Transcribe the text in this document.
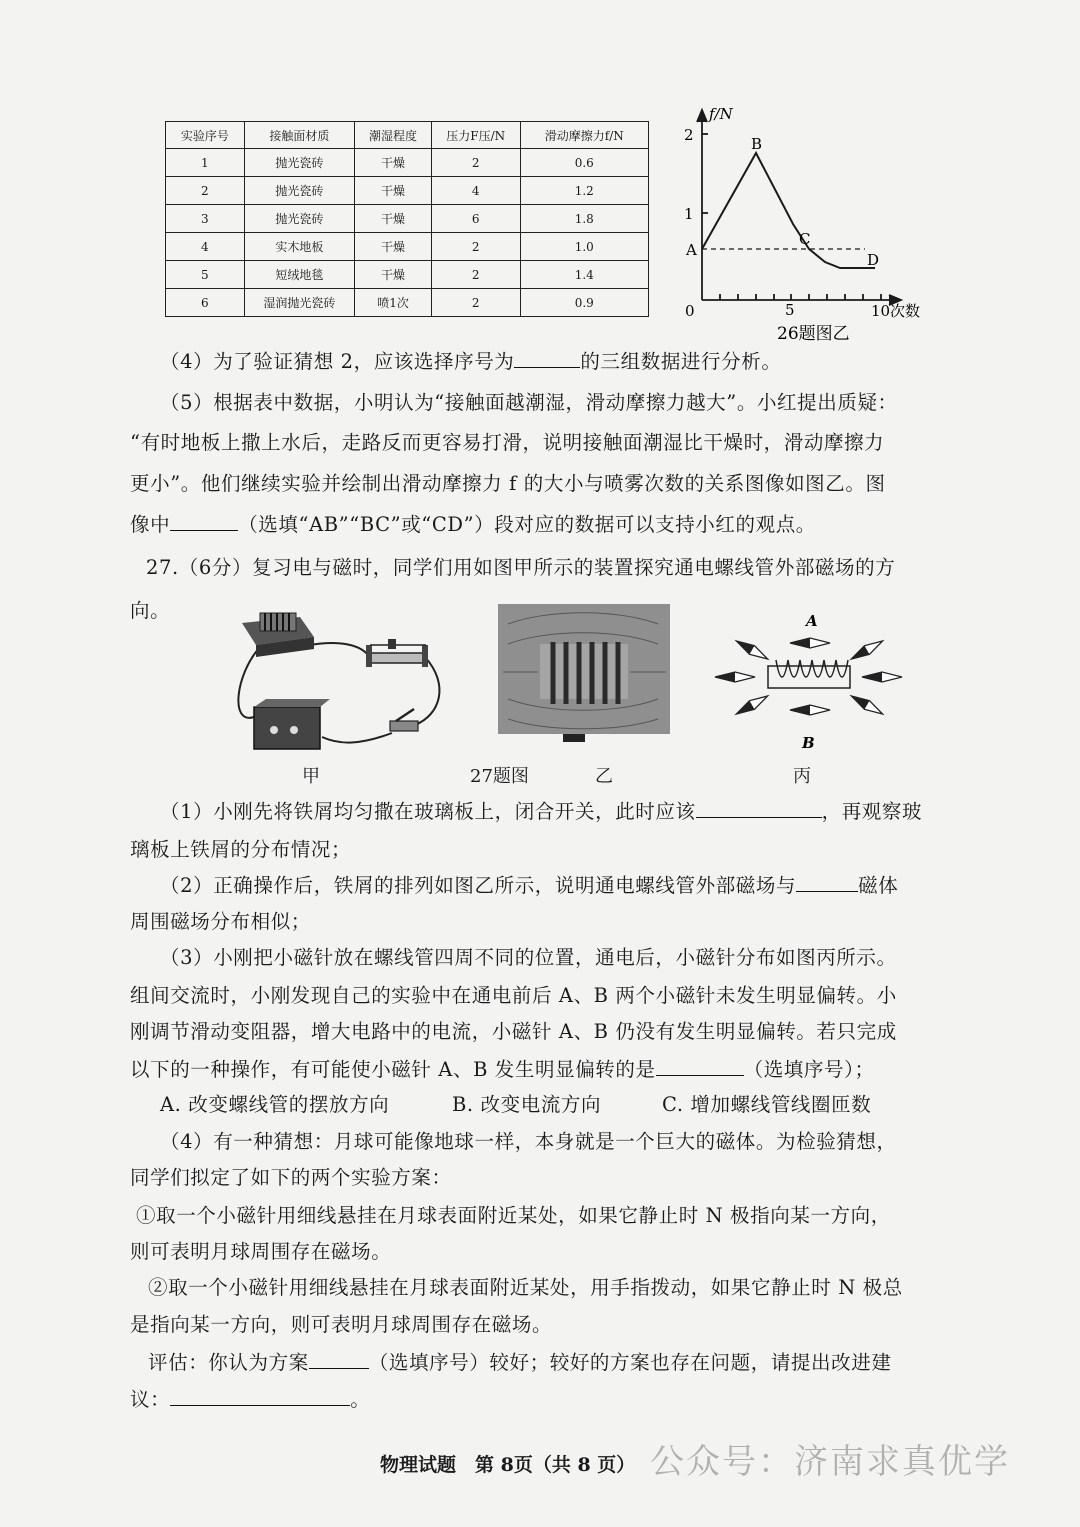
实验序号	接触面材质	潮湿程度	压力F压/N	滑动摩擦力f/N
1	抛光瓷砖	干燥	2	0.6
2	抛光瓷砖	干燥	4	1.2
3	抛光瓷砖	干燥	6	1.8
4	实木地板	干燥	2	1.0
5	短绒地毯	干燥	2	1.4
6	湿润抛光瓷砖	喷1次	2	0.9
f/N
2
1
0	5	10 次数
A
B
C
D
26题图乙
（4）为了验证猜想 2，应该选择序号为	的三组数据进行分析。
（5）根据表中数据，小明认为“接触面越潮湿，滑动摩擦力越大”。小红提出质疑：
“有时地板上撒上水后，走路反而更容易打滑，说明接触面潮湿比干燥时，滑动摩擦力
更小”。他们继续实验并绘制出滑动摩擦力 f 的大小与喷雾次数的关系图像如图乙。图
像中	（选填“AB”“BC”或“CD”）段对应的数据可以支持小红的观点。
27.（6分）复习电与磁时，同学们用如图甲所示的装置探究通电螺线管外部磁场的方
向。	A
B
甲	27题图	乙	丙
（1）小刚先将铁屑均匀撒在玻璃板上，闭合开关，此时应该	，再观察玻
璃板上铁屑的分布情况；
（2）正确操作后，铁屑的排列如图乙所示，说明通电螺线管外部磁场与	磁体
周围磁场分布相似；
（3）小刚把小磁针放在螺线管四周不同的位置，通电后，小磁针分布如图丙所示。
组间交流时，小刚发现自己的实验中在通电前后 A、B 两个小磁针未发生明显偏转。小
刚调节滑动变阻器，增大电路中的电流，小磁针 A、B 仍没有发生明显偏转。若只完成
以下的一种操作，有可能使小磁针 A、B 发生明显偏转的是	（选填序号）；
A. 改变螺线管的摆放方向	B. 改变电流方向	C. 增加螺线管线圈匝数
（4）有一种猜想：月球可能像地球一样，本身就是一个巨大的磁体。为检验猜想，
同学们拟定了如下的两个实验方案：
①取一个小磁针用细线悬挂在月球表面附近某处，如果它静止时 N 极指向某一方向，
则可表明月球周围存在磁场。
②取一个小磁针用细线悬挂在月球表面附近某处，用手指拨动，如果它静止时 N 极总
是指向某一方向，则可表明月球周围存在磁场。
评估：你认为方案	（选填序号）较好；较好的方案也存在问题，请提出改进建
议：	。
物理试题　第 8页（共 8 页） 公众号：济南求真优学
